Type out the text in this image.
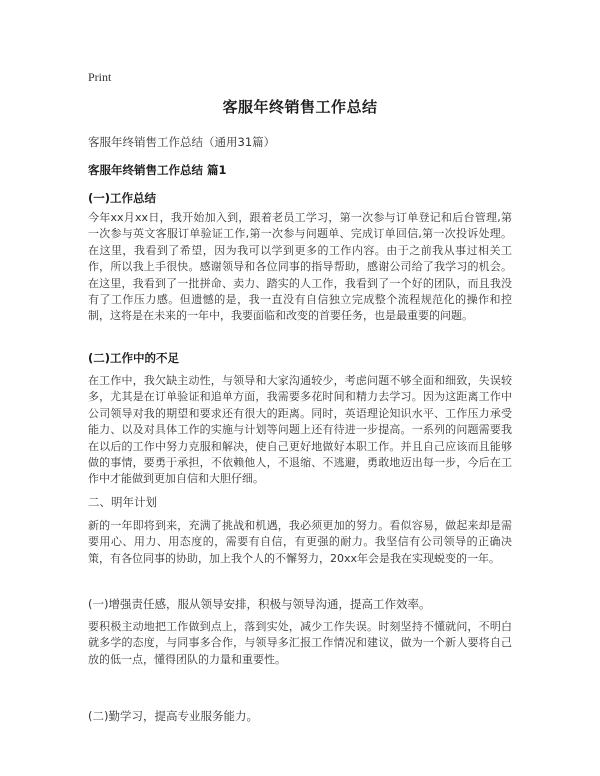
Print
客服年终销售工作总结
客服年终销售工作总结（通用31篇）
客服年终销售工作总结 篇1
(一)工作总结

今年xx月xx日，我开始加入到，跟着老员工学习，第一次参与订单登记和后台管理,第一次参与英文客服订单验证工作,第一次参与问题单、完成订单回信,第一次投诉处理。在这里，我看到了希望，因为我可以学到更多的工作内容。由于之前我从事过相关工作，所以我上手很快。感谢领导和各位同事的指导帮助，感谢公司给了我学习的机会。在这里，我看到了一批拼命、卖力、踏实的人工作，我看到了一个好的团队，而且我没有了工作压力感。但遗憾的是，我一直没有自信独立完成整个流程规范化的操作和控制，这将是在未来的一年中，我要面临和改变的首要任务，也是最重要的问题。

(二)工作中的不足

在工作中，我欠缺主动性，与领导和大家沟通较少，考虑问题不够全面和细致，失误较多，尤其是在订单验证和追单方面，我需要多花时间和精力去学习。因为这距离工作中公司领导对我的期望和要求还有很大的距离。同时，英语理论知识水平、工作压力承受能力、以及对具体工作的实施与计划等问题上还有待进一步提高。一系列的问题需要我在以后的工作中努力克服和解决，使自己更好地做好本职工作。并且自己应该而且能够做的事情，要勇于承担，不依赖他人，不退缩、不逃避，勇敢地迈出每一步，今后在工作中才能做到更加自信和大胆仔细。

二、明年计划

新的一年即将到来，充满了挑战和机遇，我必须更加的努力。看似容易，做起来却是需要用心、用力、用态度的，需要有自信，有更强的耐力。我坚信有公司领导的正确决策，有各位同事的协助，加上我个人的不懈努力，20xx年会是我在实现蜕变的一年。

(一)增强责任感，服从领导安排，积极与领导沟通，提高工作效率。

要积极主动地把工作做到点上，落到实处，减少工作失误。时刻坚持不懂就问，不明白就多学的态度，与同事多合作，与领导多汇报工作情况和建议，做为一个新人要将自己放的低一点，懂得团队的力量和重要性。

(二)勤学习，提高专业服务能力。
